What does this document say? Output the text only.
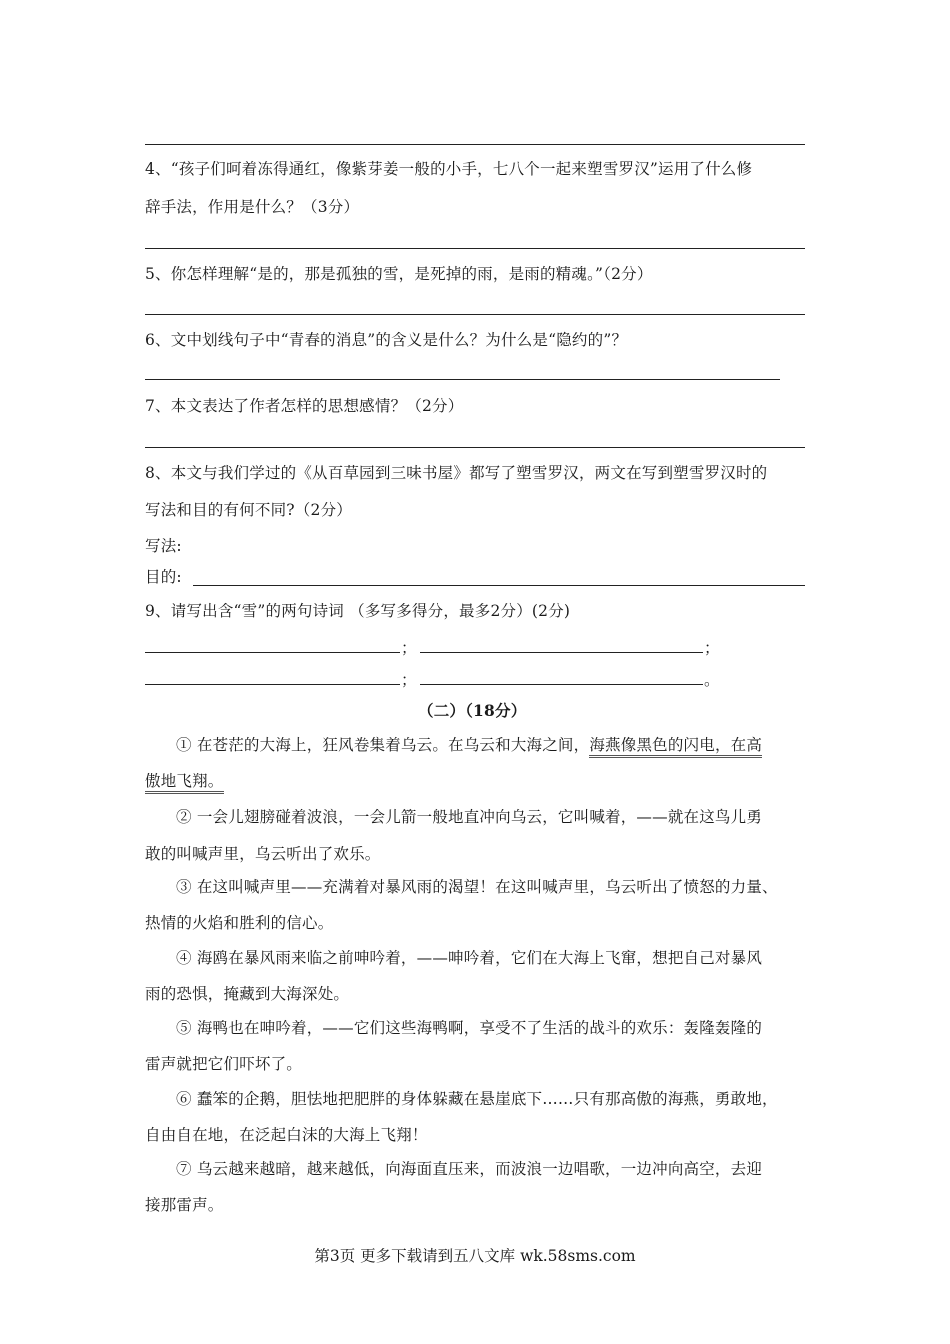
4、“孩子们呵着冻得通红，像紫芽姜一般的小手，七八个一起来塑雪罗汉”运用了什么修
辞手法，作用是什么？（3分）
5、你怎样理解“是的，那是孤独的雪，是死掉的雨，是雨的精魂。”（2分）
6、文中划线句子中“青春的消息”的含义是什么？为什么是“隐约的”？
7、本文表达了作者怎样的思想感情？（2分）
8、本文与我们学过的《从百草园到三味书屋》都写了塑雪罗汉，两文在写到塑雪罗汉时的
写法和目的有何不同?（2分）
写法:
目的:
9、请写出含“雪”的两句诗词 （多写多得分，最多2分）(2分)
；	；
；	。
（二）（18分）
① 在苍茫的大海上，狂风卷集着乌云。在乌云和大海之间，海燕像黑色的闪电，在高
傲地飞翔。
② 一会儿翅膀碰着波浪，一会儿箭一般地直冲向乌云，它叫喊着，——就在这鸟儿勇
敢的叫喊声里，乌云听出了欢乐。
③ 在这叫喊声里——充满着对暴风雨的渴望！在这叫喊声里，乌云听出了愤怒的力量、
热情的火焰和胜利的信心。
④ 海鸥在暴风雨来临之前呻吟着，——呻吟着，它们在大海上飞窜，想把自己对暴风
雨的恐惧，掩藏到大海深处。
⑤ 海鸭也在呻吟着，——它们这些海鸭啊，享受不了生活的战斗的欢乐：轰隆轰隆的
雷声就把它们吓坏了。
⑥ 蠢笨的企鹅，胆怯地把肥胖的身体躲藏在悬崖底下……只有那高傲的海燕，勇敢地，
自由自在地，在泛起白沫的大海上飞翔！
⑦ 乌云越来越暗，越来越低，向海面直压来，而波浪一边唱歌，一边冲向高空，去迎
接那雷声。
第3页 更多下载请到五八文库 wk.58sms.com
